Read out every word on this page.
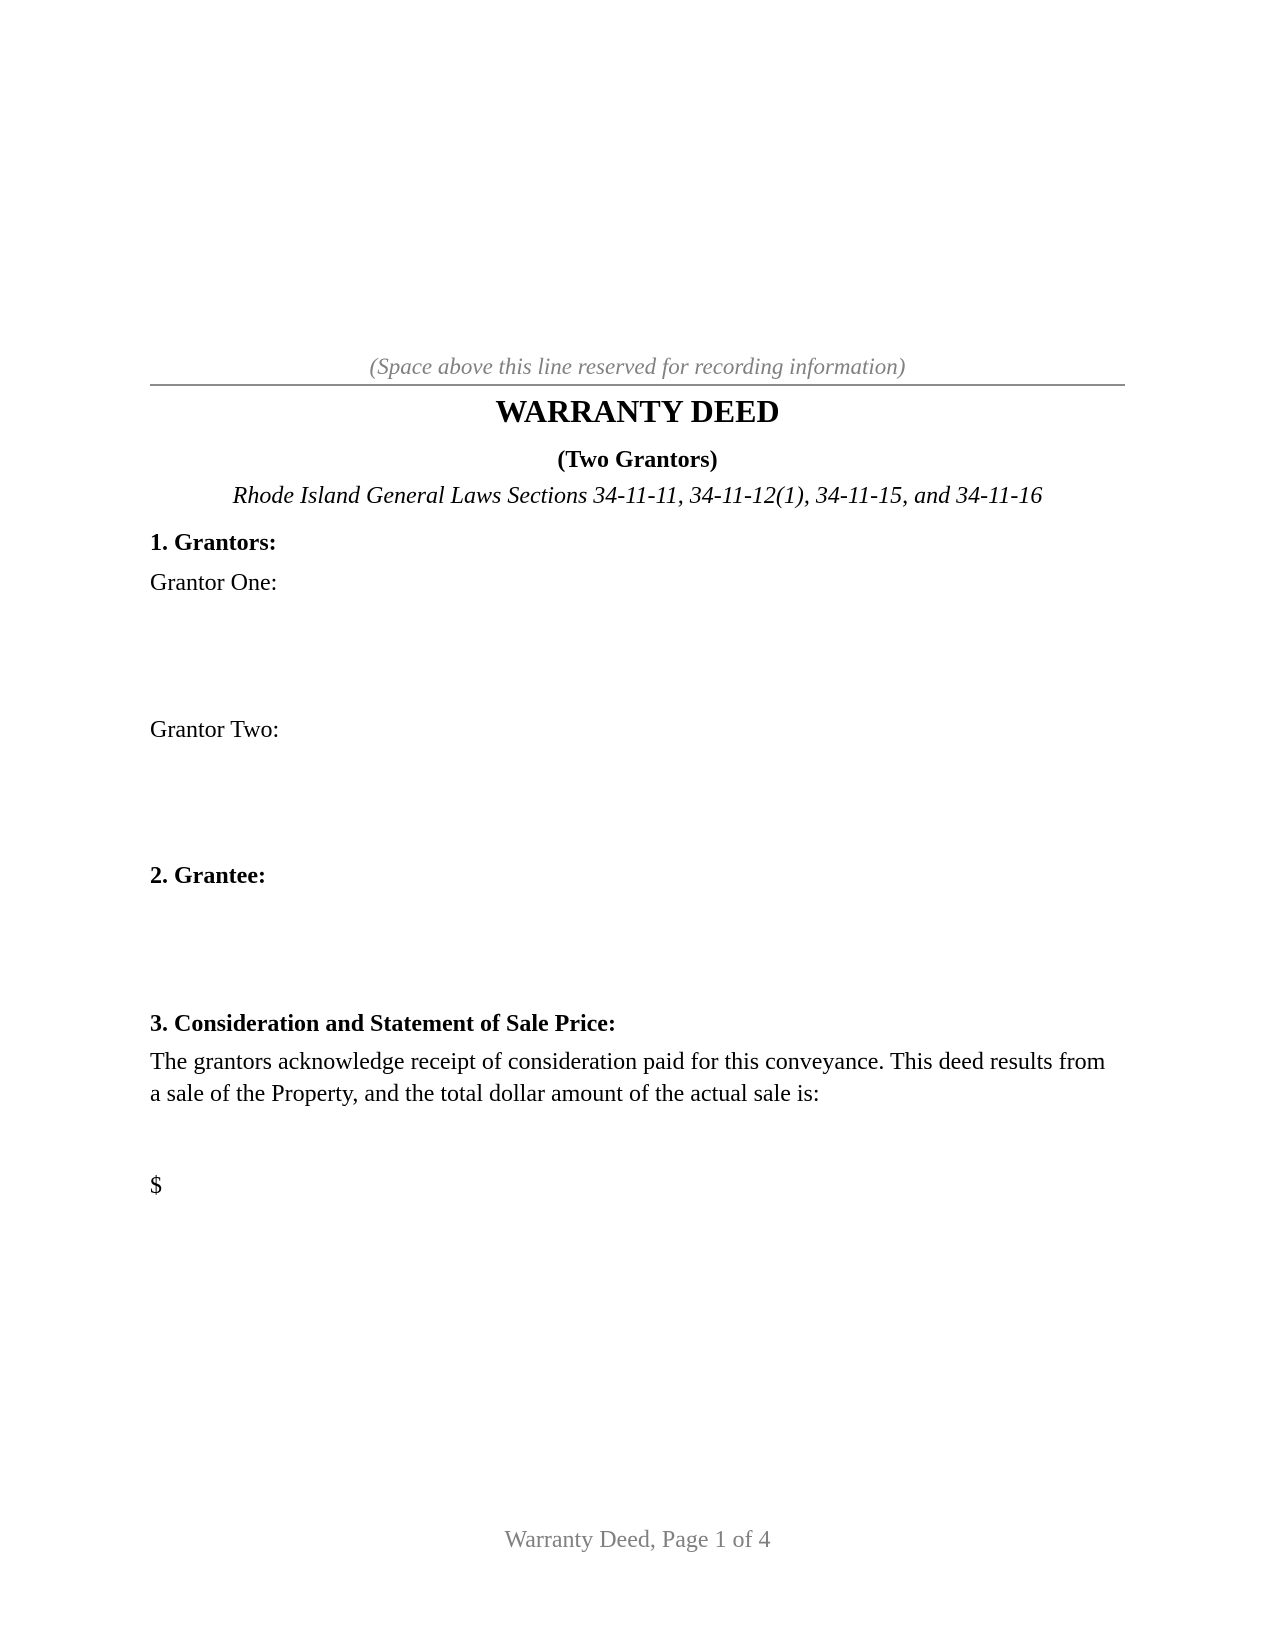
(Space above this line reserved for recording information)
WARRANTY DEED
(Two Grantors)
Rhode Island General Laws Sections 34-11-11, 34-11-12(1), 34-11-15, and 34-11-16
1. Grantors:
Grantor One:
Grantor Two:
2. Grantee:
3. Consideration and Statement of Sale Price:
The grantors acknowledge receipt of consideration paid for this conveyance. This deed results from a sale of the Property, and the total dollar amount of the actual sale is:
$
Warranty Deed, Page 1 of 4
